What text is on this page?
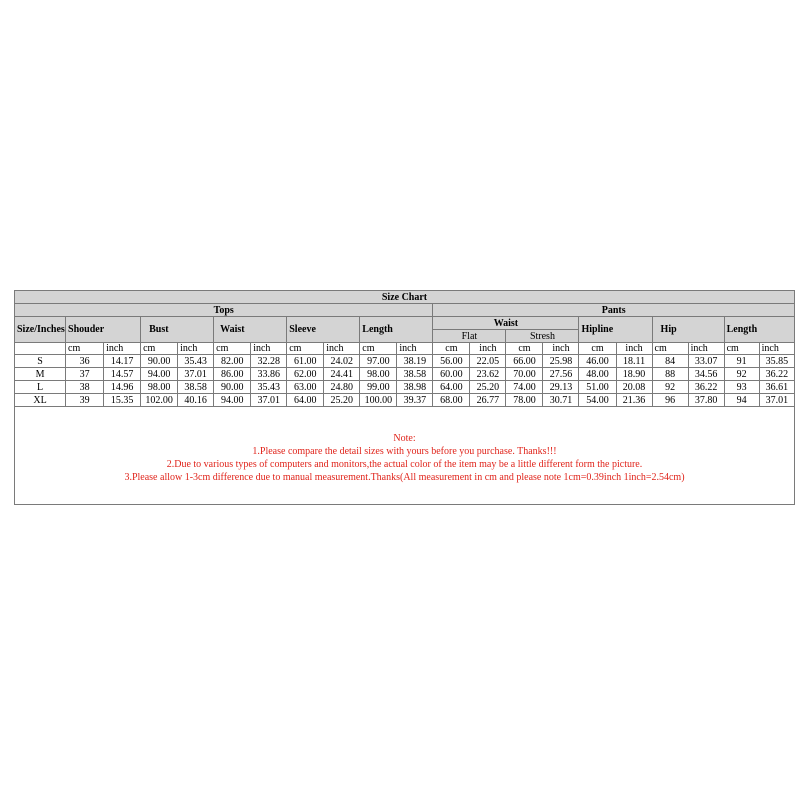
Size Chart																				
Tops											Pants									
Size/Inches	Shouder		Bust		Waist		Sleeve		Length		Waist				Hipline		Hip		Length	
											Flat		Stresh							
	cm	inch	cm	inch	cm	inch	cm	inch	cm	inch	cm	inch	cm	inch	cm	inch	cm	inch	cm	inch
S	36	14.17	90.00	35.43	82.00	32.28	61.00	24.02	97.00	38.19	56.00	22.05	66.00	25.98	46.00	18.11	84	33.07	91	35.85
M	37	14.57	94.00	37.01	86.00	33.86	62.00	24.41	98.00	38.58	60.00	23.62	70.00	27.56	48.00	18.90	88	34.56	92	36.22
L	38	14.96	98.00	38.58	90.00	35.43	63.00	24.80	99.00	38.98	64.00	25.20	74.00	29.13	51.00	20.08	92	36.22	93	36.61
XL	39	15.35	102.00	40.16	94.00	37.01	64.00	25.20	100.00	39.37	68.00	26.77	78.00	30.71	54.00	21.36	96	37.80	94	37.01
Note:
1.Please compare the detail sizes with yours before you purchase. Thanks!!!
2.Due to various types of computers and monitors,the actual color of the item may be a little different form the picture.
3.Please allow 1-3cm difference due to manual measurement.Thanks(All measurement in cm and please note 1cm=0.39inch 1inch=2.54cm)
